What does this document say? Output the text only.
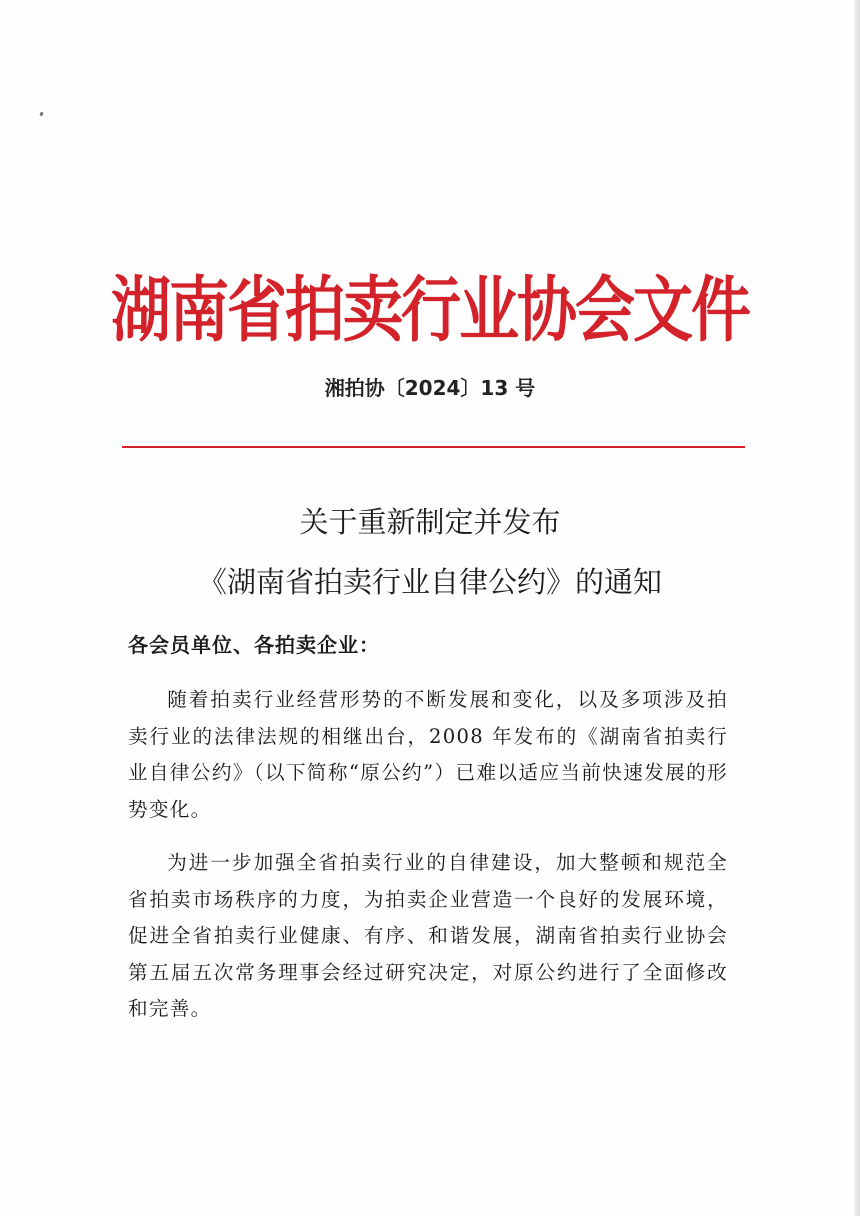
湖南省拍卖行业协会文件
湘拍协〔2024〕13 号
关于重新制定并发布
《湖南省拍卖行业自律公约》的通知
各会员单位、各拍卖企业：

随着拍卖行业经营形势的不断发展和变化，以及多项涉及拍卖行业的法律法规的相继出台，2008 年发布的《湖南省拍卖行业自律公约》（以下简称“原公约”）已难以适应当前快速发展的形势变化。

为进一步加强全省拍卖行业的自律建设，加大整顿和规范全省拍卖市场秩序的力度，为拍卖企业营造一个良好的发展环境，促进全省拍卖行业健康、有序、和谐发展，湖南省拍卖行业协会第五届五次常务理事会经过研究决定，对原公约进行了全面修改和完善。
